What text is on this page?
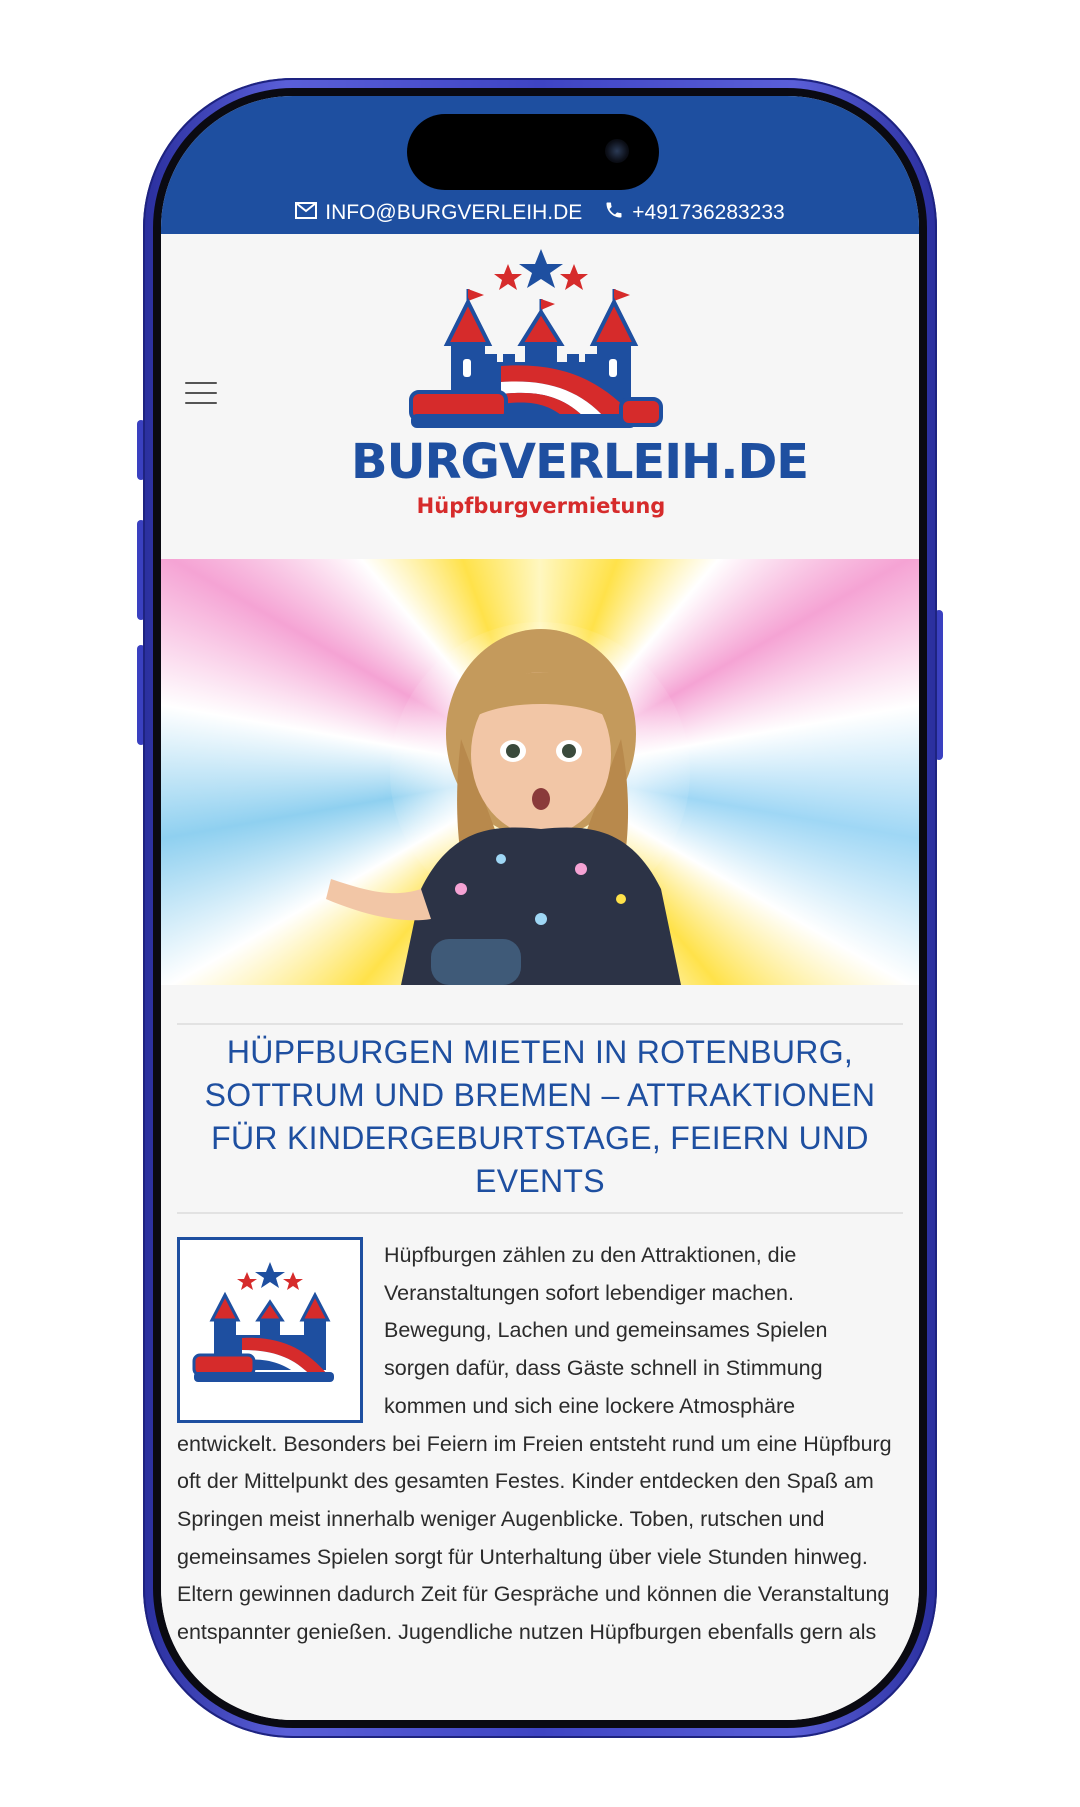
INFO@BURGVERLEIH.DE +491736283233
BURGVERLEIH.DE
Hüpfburgvermietung
HÜPFBURGEN MIETEN IN ROTENBURG, SOTTRUM UND BREMEN – ATTRAKTIONEN FÜR KINDERGEBURTSTAGE, FEIERN UND EVENTS

Hüpfburgen zählen zu den Attraktionen, die Veranstaltungen sofort lebendiger machen. Bewegung, Lachen und gemeinsames Spielen sorgen dafür, dass Gäste schnell in Stimmung kommen und sich eine lockere Atmosphäre entwickelt. Besonders bei Feiern im Freien entsteht rund um eine Hüpfburg oft der Mittelpunkt des gesamten Festes. Kinder entdecken den Spaß am Springen meist innerhalb weniger Augenblicke. Toben, rutschen und gemeinsames Spielen sorgt für Unterhaltung über viele Stunden hinweg. Eltern gewinnen dadurch Zeit für Gespräche und können die Veranstaltung entspannter genießen. Jugendliche nutzen Hüpfburgen ebenfalls gern als
